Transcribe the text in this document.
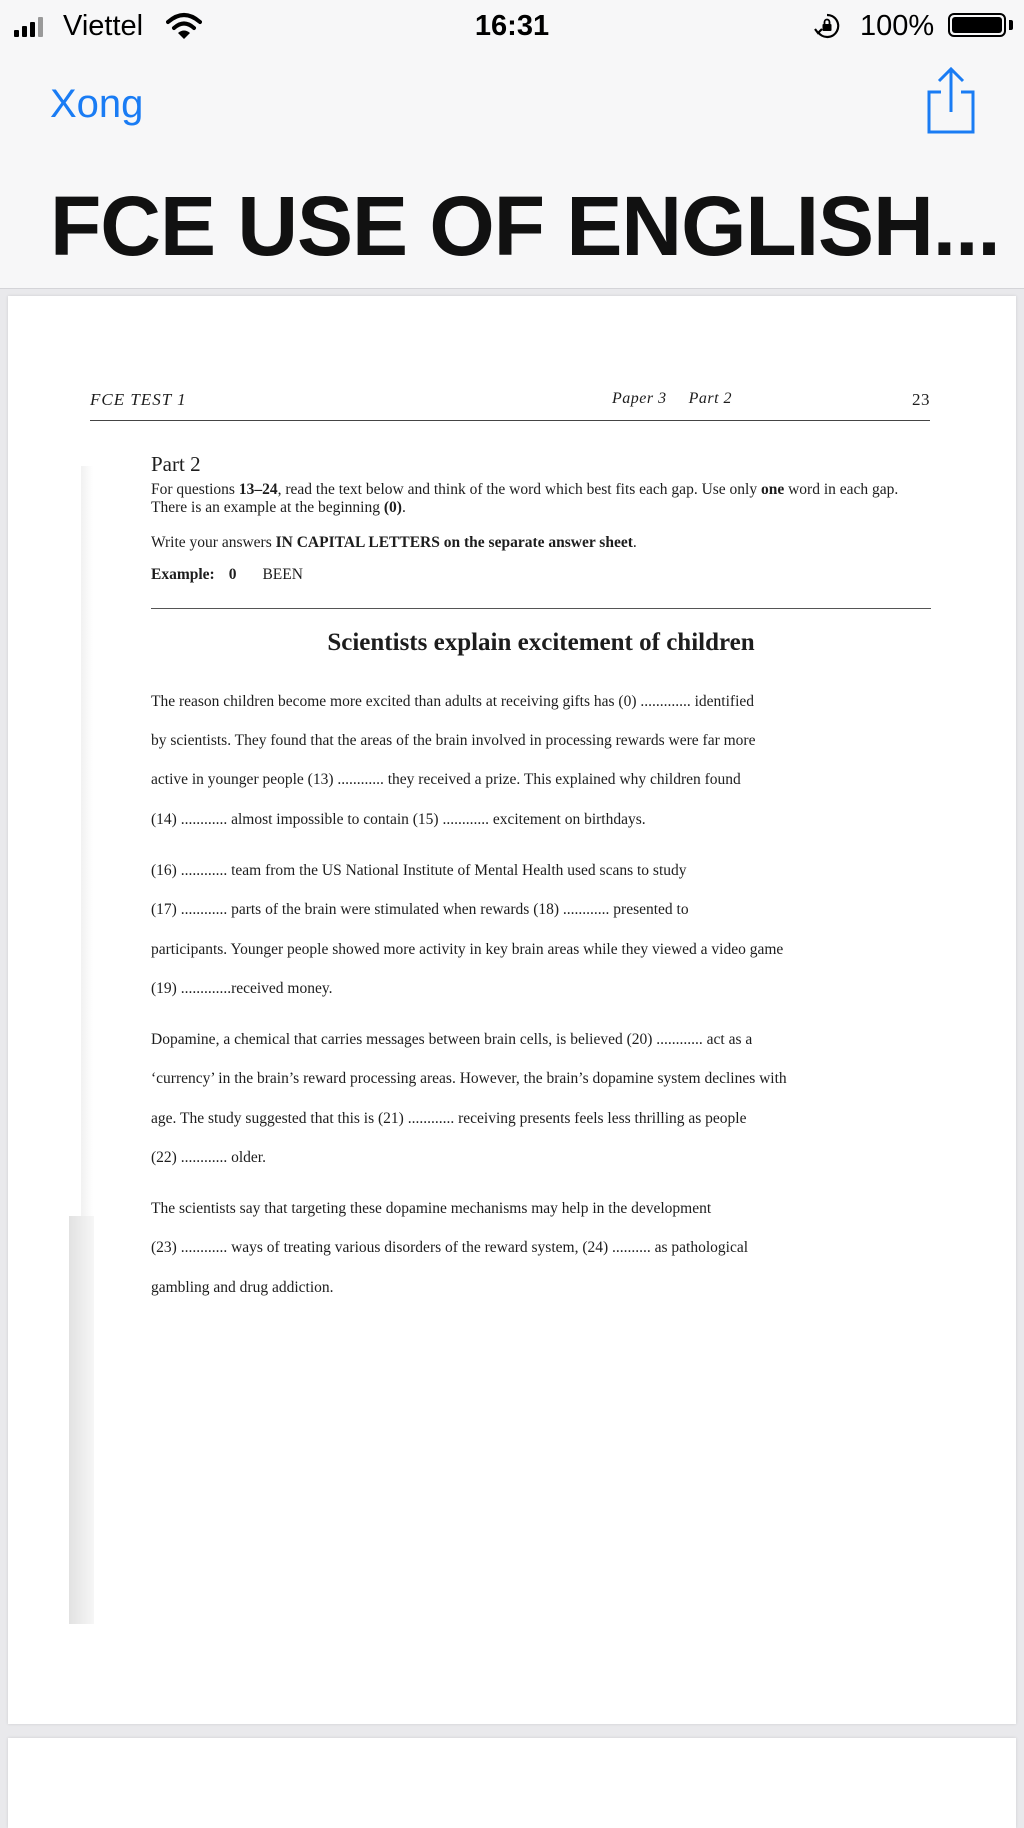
Viettel	16:31	100%
Xong
FCE USE OF ENGLISH...
FCE TEST 1	Paper 3 Part 2	23
Part 2

For questions 13–24, read the text below and think of the word which best fits each gap. Use only one word in each gap. There is an example at the beginning (0).

Write your answers IN CAPITAL LETTERS on the separate answer sheet.

Example: 0 BEEN
Scientists explain excitement of children

The reason children become more excited than adults at receiving gifts has (0) ............. identified

by scientists. They found that the areas of the brain involved in processing rewards were far more

active in younger people (13) ............ they received a prize. This explained why children found

(14) ............ almost impossible to contain (15) ............ excitement on birthdays.

(16) ............ team from the US National Institute of Mental Health used scans to study

(17) ............ parts of the brain were stimulated when rewards (18) ............ presented to

participants. Younger people showed more activity in key brain areas while they viewed a video game

(19) .............received money.

Dopamine, a chemical that carries messages between brain cells, is believed (20) ............ act as a

‘currency’ in the brain’s reward processing areas. However, the brain’s dopamine system declines with

age. The study suggested that this is (21) ............ receiving presents feels less thrilling as people

(22) ............ older.

The scientists say that targeting these dopamine mechanisms may help in the development

(23) ............ ways of treating various disorders of the reward system, (24) .......... as pathological

gambling and drug addiction.
